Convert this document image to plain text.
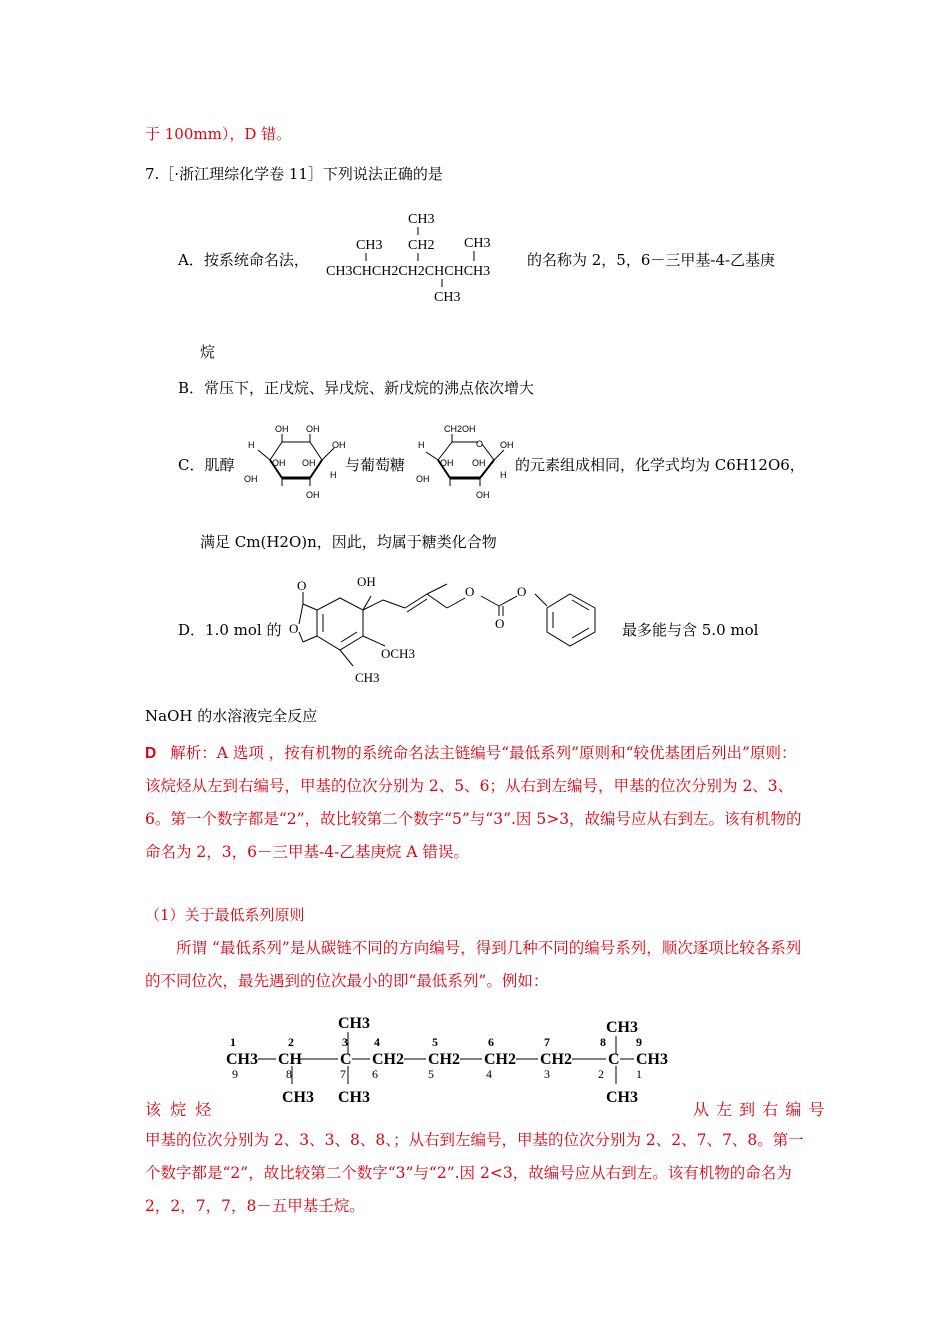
于 100mm），D 错。
7.［·浙江理综化学卷 11］下列说法正确的是
A．按系统命名法，
CH3
CH3 CH2 CH3
CH3CHCH2CH2CHCHCH3
CH3
的名称为 2，5，6－三甲基-4-乙基庚
烷
B．常压下，正戊烷、异戊烷、新戊烷的沸点依次增大
C．肌醇
OH OH
OH
H
OH OH
OH	H
OH
与葡萄糖
CH2OH
O OH
H
OH OH
OH	H
OH
的元素组成相同，化学式均为 C6H12O6，
满足 Cm(H2O)n，因此，均属于糖类化合物
D．1.0 mol 的
O
O
OH
O	O
O
OCH3
CH3
最多能与含 5.0 mol
NaOH 的水溶液完全反应
D 解析：A 选项 ，按有机物的系统命名法主链编号“最低系列”原则和“较优基团后列出”原则：该烷烃从左到右编号，甲基的位次分别为 2、5、6；从右到左编号，甲基的位次分别为 2、3、6。第一个数字都是“2”，故比较第二个数字“5”与“3”.因 5>3，故编号应从右到左。该有机物的命名为 2，3，6－三甲基-4-乙基庚烷 A 错误。
（1）关于最低系列原则
所谓 “最低系列”是从碳链不同的方向编号，得到几种不同的编号系列，顺次逐项比较各系列的不同位次，最先遇到的位次最小的即“最低系列”。例如：
CH3	CH3
1	2	3 4	5	6	7	8	9
9	8	7 6	5	4	3	2	1
CH3 CH C CH2 CH2 CH2 CH2 C CH3
CH3 CH3	CH3
该 烷 烃	从 左 到 右 编 号
甲基的位次分别为 2、3、3、8、8、；从右到左编号，甲基的位次分别为 2、2、7、7、8。第一个数字都是“2”，故比较第二个数字“3”与“2”.因 2<3，故编号应从右到左。该有机物的命名为 2，2，7，7，8－五甲基壬烷。
